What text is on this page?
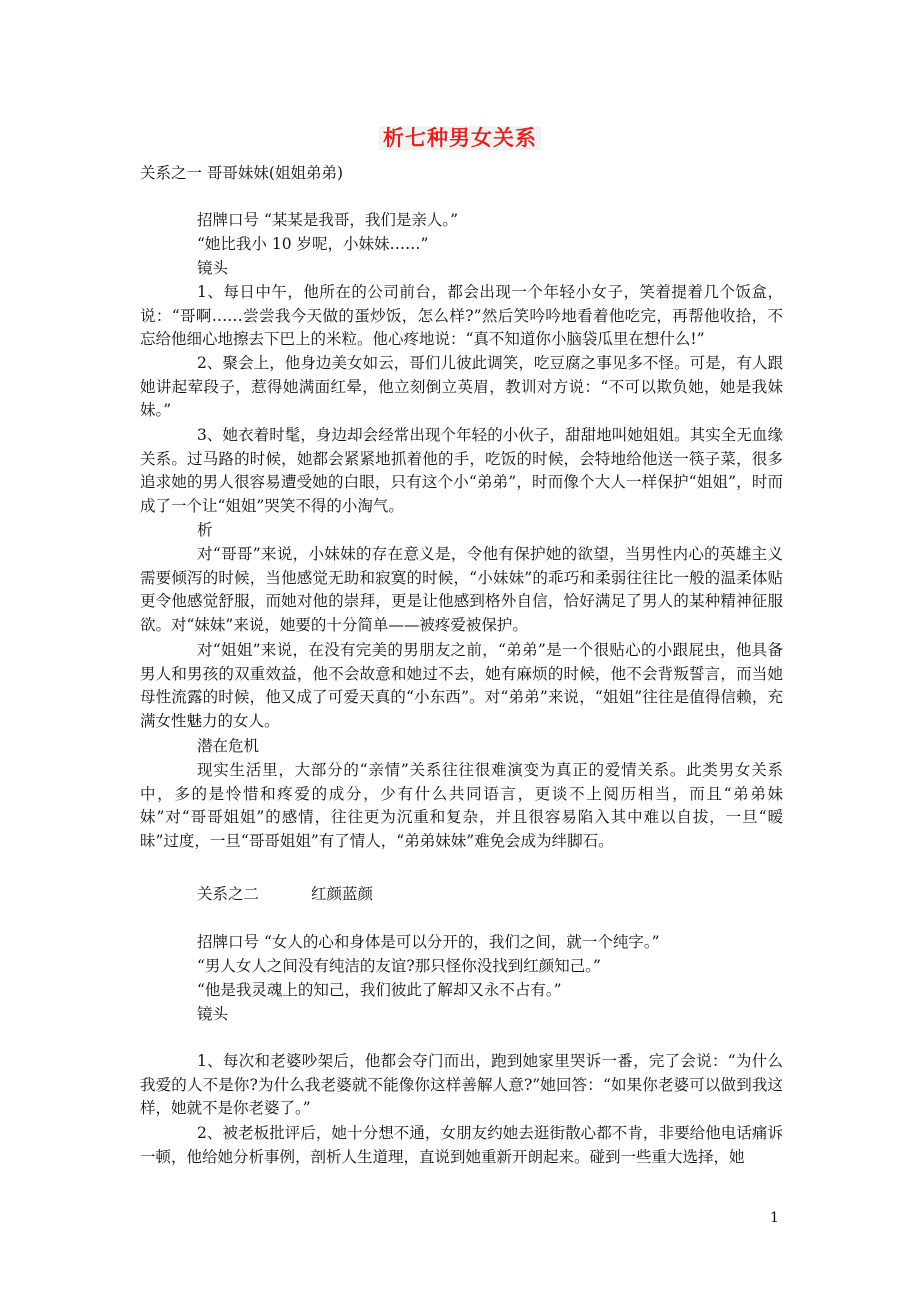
析七种男女关系
关系之一 哥哥妹妹(姐姐弟弟)
招牌口号 “某某是我哥，我们是亲人。”
“她比我小 10 岁呢，小妹妹……”
镜头
1、每日中午，他所在的公司前台，都会出现一个年轻小女子，笑着提着几个饭盒，说：“哥啊……尝尝我今天做的蛋炒饭，怎么样?”然后笑吟吟地看着他吃完，再帮他收拾，不忘给他细心地擦去下巴上的米粒。他心疼地说：“真不知道你小脑袋瓜里在想什么!”
2、聚会上，他身边美女如云，哥们儿彼此调笑，吃豆腐之事见多不怪。可是，有人跟她讲起荤段子，惹得她满面红晕，他立刻倒立英眉，教训对方说：“不可以欺负她，她是我妹妹。”
3、她衣着时髦，身边却会经常出现个年轻的小伙子，甜甜地叫她姐姐。其实全无血缘关系。过马路的时候，她都会紧紧地抓着他的手，吃饭的时候，会特地给他送一筷子菜，很多追求她的男人很容易遭受她的白眼，只有这个小“弟弟”，时而像个大人一样保护“姐姐”，时而成了一个让“姐姐”哭笑不得的小淘气。
析
对“哥哥”来说，小妹妹的存在意义是，令他有保护她的欲望，当男性内心的英雄主义需要倾泻的时候，当他感觉无助和寂寞的时候，“小妹妹”的乖巧和柔弱往往比一般的温柔体贴更令他感觉舒服，而她对他的崇拜，更是让他感到格外自信，恰好满足了男人的某种精神征服欲。对“妹妹”来说，她要的十分简单——被疼爱被保护。
对“姐姐”来说，在没有完美的男朋友之前，“弟弟”是一个很贴心的小跟屁虫，他具备男人和男孩的双重效益，他不会故意和她过不去，她有麻烦的时候，他不会背叛誓言，而当她母性流露的时候，他又成了可爱天真的“小东西”。对“弟弟”来说，“姐姐”往往是值得信赖，充满女性魅力的女人。
潜在危机
现实生活里，大部分的“亲情”关系往往很难演变为真正的爱情关系。此类男女关系中，多的是怜惜和疼爱的成分，少有什么共同语言，更谈不上阅历相当，而且“弟弟妹妹”对“哥哥姐姐”的感情，往往更为沉重和复杂，并且很容易陷入其中难以自拔，一旦“暧昧”过度，一旦“哥哥姐姐”有了情人，“弟弟妹妹”难免会成为绊脚石。
关系之二	红颜蓝颜
招牌口号 “女人的心和身体是可以分开的，我们之间，就一个纯字。”
“男人女人之间没有纯洁的友谊?那只怪你没找到红颜知己。”
“他是我灵魂上的知己，我们彼此了解却又永不占有。”
镜头
1、每次和老婆吵架后，他都会夺门而出，跑到她家里哭诉一番，完了会说：“为什么我爱的人不是你?为什么我老婆就不能像你这样善解人意?”她回答：“如果你老婆可以做到我这样，她就不是你老婆了。”
2、被老板批评后，她十分想不通，女朋友约她去逛街散心都不肯，非要给他电话痛诉一顿，他给她分析事例，剖析人生道理，直说到她重新开朗起来。碰到一些重大选择，她
1
